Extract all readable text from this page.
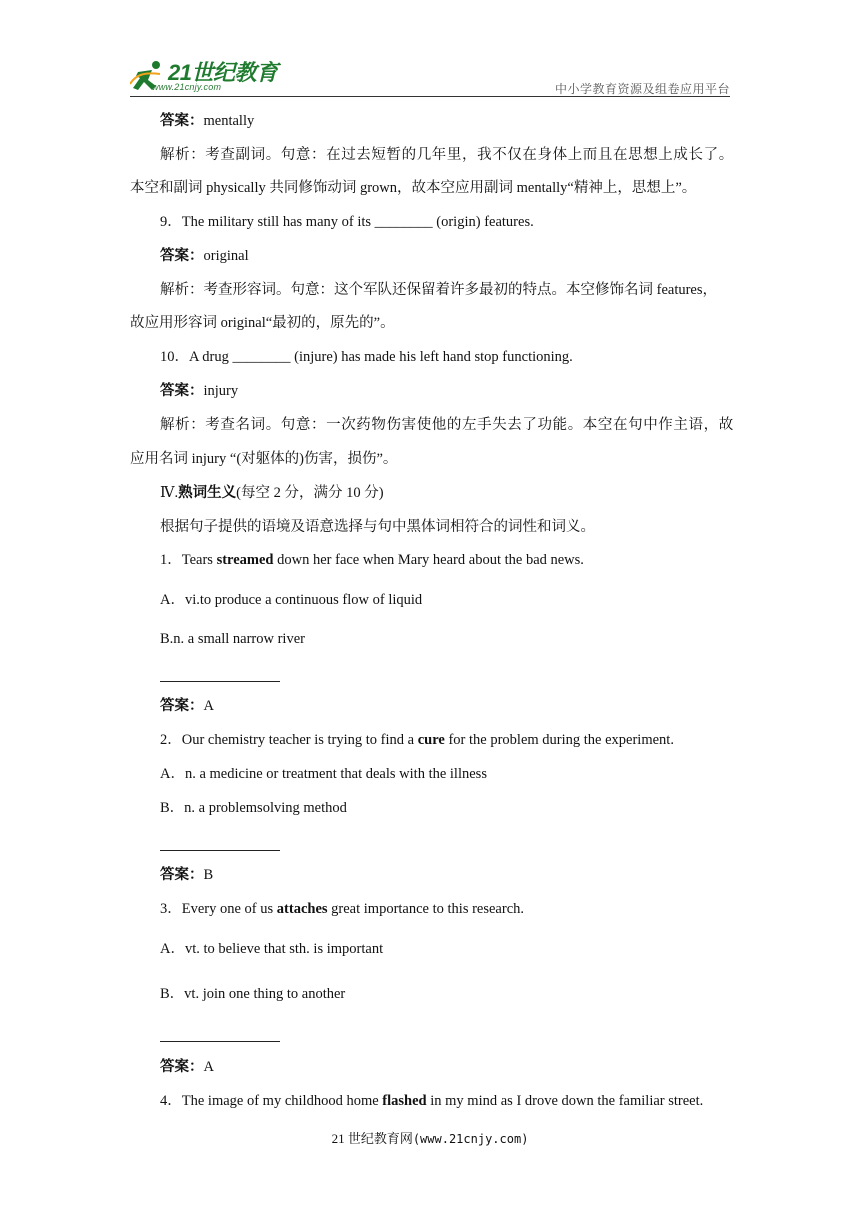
21世纪教育
www.21cnjy.com	中小学教育资源及组卷应用平台
答案：mentally
解析：考查副词。句意：在过去短暂的几年里，我不仅在身体上而且在思想上成长了。
本空和副词 physically 共同修饰动词 grown，故本空应用副词 mentally“精神上，思想上”。
9．The military still has many of its ________ (origin) features.
答案：original
解析：考查形容词。句意：这个军队还保留着许多最初的特点。本空修饰名词 features，
故应用形容词 original“最初的，原先的”。
10．A drug ________ (injure) has made his left hand stop functioning.
答案：injury
解析：考查名词。句意：一次药物伤害使他的左手失去了功能。本空在句中作主语，故
应用名词 injury “(对躯体的)伤害，损伤”。
Ⅳ.熟词生义(每空 2 分，满分 10 分)
根据句子提供的语境及语意选择与句中黑体词相符合的词性和词义。
1．Tears streamed down her face when Mary heard about the bad news.
A．vi.to produce a continuous flow of liquid
B.n. a small narrow river
答案：A
2．Our chemistry teacher is trying to find a cure for the problem during the experiment.
A．n. a medicine or treatment that deals with the illness
B．n. a problemsolving method
答案：B
3．Every one of us attaches great importance to this research.
A．vt. to believe that sth. is important
B．vt. join one thing to another
答案：A
4．The image of my childhood home flashed in my mind as I drove down the familiar street.
21 世纪教育网(www.21cnjy.com)
